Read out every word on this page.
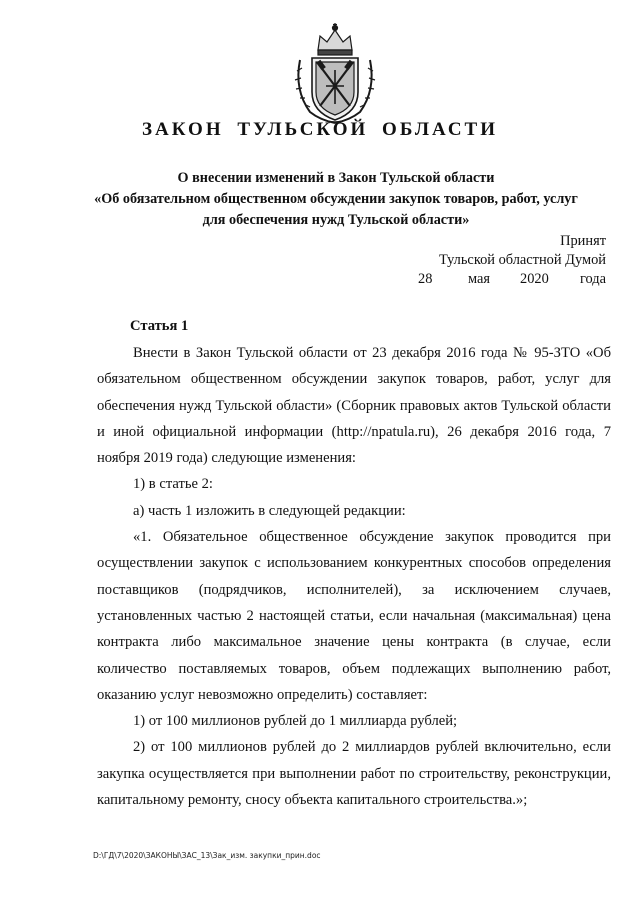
ЗАКОН ТУЛЬСКОЙ ОБЛАСТИ
О внесении изменений в Закон Тульской области
«Об обязательном общественном обсуждении закупок товаров, работ, услуг
для обеспечения нужд Тульской области»
Принят
Тульской областной Думой
28	мая	2020	года
Статья 1

Внести в Закон Тульской области от 23 декабря 2016 года № 95-ЗТО «Об обязательном общественном обсуждении закупок товаров, работ, услуг для обеспечения нужд Тульской области» (Сборник правовых актов Тульской области и иной официальной информации (http://npatula.ru), 26 декабря 2016 года, 7 ноября 2019 года) следующие изменения:

1) в статье 2:

а) часть 1 изложить в следующей редакции:

«1. Обязательное общественное обсуждение закупок проводится при осуществлении закупок с использованием конкурентных способов определения поставщиков (подрядчиков, исполнителей), за исключением случаев, установленных частью 2 настоящей статьи, если начальная (максимальная) цена контракта либо максимальное значение цены контракта (в случае, если количество поставляемых товаров, объем подлежащих выполнению работ, оказанию услуг невозможно определить) составляет:

1) от 100 миллионов рублей до 1 миллиарда рублей;

2) от 100 миллионов рублей до 2 миллиардов рублей включительно, если закупка осуществляется при выполнении работ по строительству, реконструкции, капитальному ремонту, сносу объекта капитального строительства.»;

D:\ГД\7\2020\ЗАКОНЫ\ЗАС_13\Зак_изм. закупки_прин.doc
